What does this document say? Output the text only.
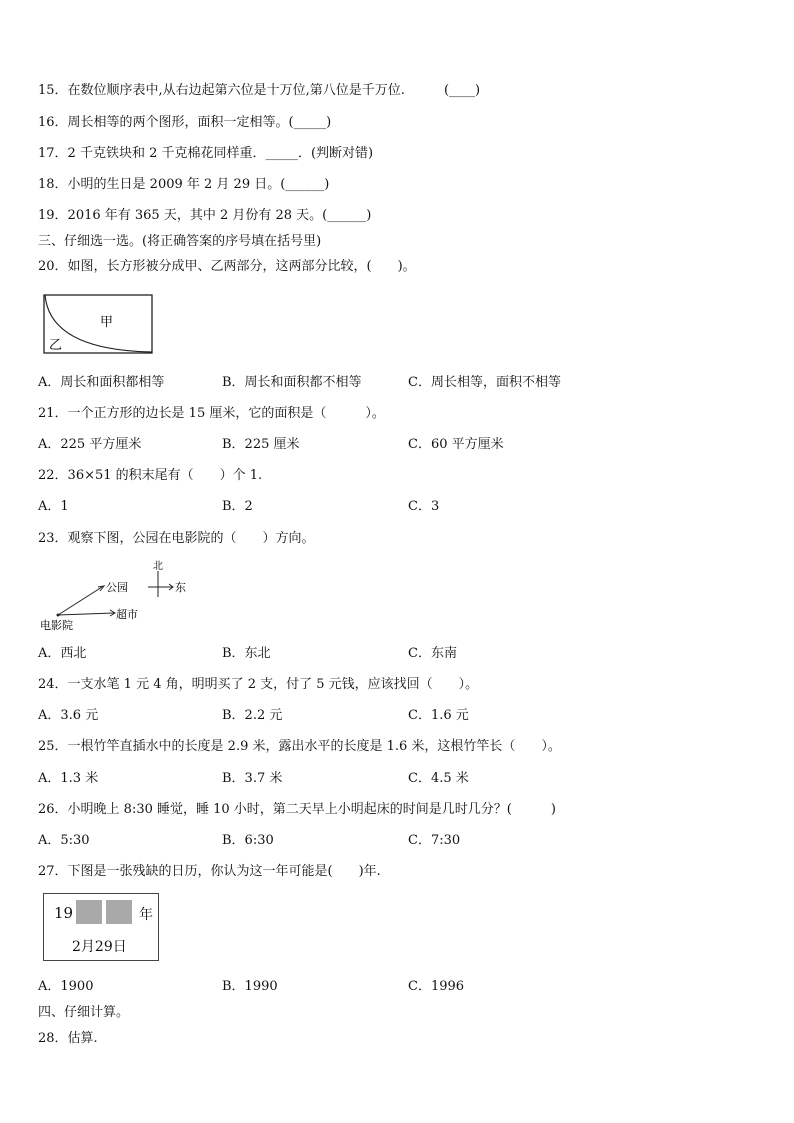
15．在数位顺序表中,从右边起第六位是十万位,第八位是千万位.　　　(____)
16．周长相等的两个图形，面积一定相等。(_____)
17．2 千克铁块和 2 千克棉花同样重．_____．(判断对错)
18．小明的生日是 2009 年 2 月 29 日。(______)
19．2016 年有 365 天，其中 2 月份有 28 天。(______)
三、仔细选一选。(将正确答案的序号填在括号里)
20．如图，长方形被分成甲、乙两部分，这两部分比较，(　　)。
甲
乙
A．周长和面积都相等	B．周长和面积都不相等	C．周长相等，面积不相等
21．一个正方形的边长是 15 厘米，它的面积是（　　　）。
A．225 平方厘米	B．225 厘米	C．60 平方厘米
22．36×51 的积末尾有（　　）个 1.
A．1	B．2	C．3
23．观察下图，公园在电影院的（　　）方向。
北
东
公园
超市
电影院
A．西北	B．东北	C．东南
24．一支水笔 1 元 4 角，明明买了 2 支，付了 5 元钱，应该找回（　　）。
A．3.6 元	B．2.2 元	C．1.6 元
25．一根竹竿直插水中的长度是 2.9 米，露出水平的长度是 1.6 米，这根竹竿长（　　）。
A．1.3 米	B．3.7 米	C．4.5 米
26．小明晚上 8:30 睡觉，睡 10 小时，第二天早上小明起床的时间是几时几分？(　　　)
A．5:30	B．6:30	C．7:30
27．下图是一张残缺的日历，你认为这一年可能是(　　)年.
19	年
2月29日
A．1900	B．1990	C．1996
四、仔细计算。
28．估算.
